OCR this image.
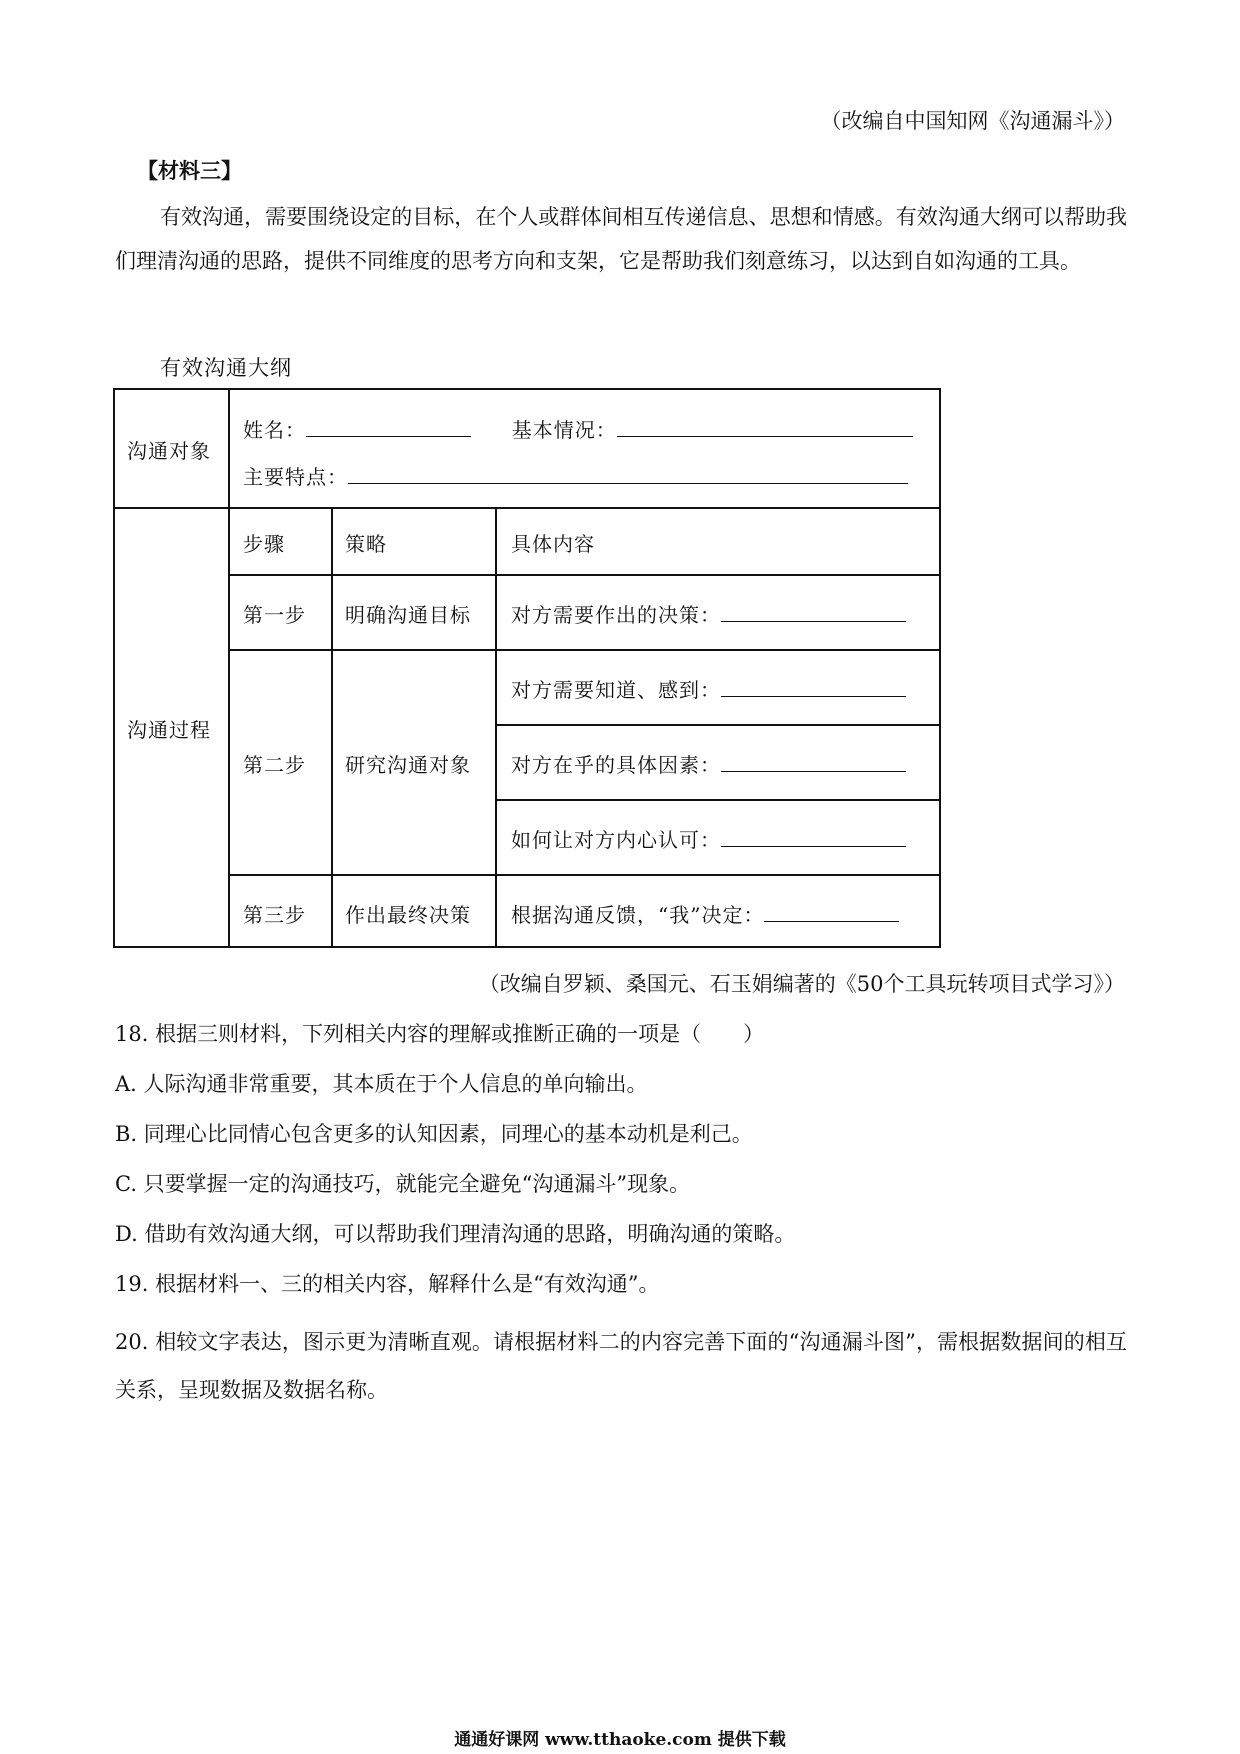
（改编自中国知网《沟通漏斗》）
【材料三】
有效沟通，需要围绕设定的目标，在个人或群体间相互传递信息、思想和情感。有效沟通大纲可以帮助我们理清沟通的思路，提供不同维度的思考方向和支架，它是帮助我们刻意练习，以达到自如沟通的工具。
有效沟通大纲
沟通对象
姓名：	基本情况：
主要特点：
步骤	策略	具体内容
沟通过程
第一步 明确沟通目标 对方需要作出的决策：
第二步 研究沟通对象
对方需要知道、感到：
对方在乎的具体因素：
如何让对方内心认可：
第三步 作出最终决策 根据沟通反馈，“我”决定：
（改编自罗颖、桑国元、石玉娟编著的《50个工具玩转项目式学习》）
18. 根据三则材料，下列相关内容的理解或推断正确的一项是（　　）
A. 人际沟通非常重要，其本质在于个人信息的单向输出。
B. 同理心比同情心包含更多的认知因素，同理心的基本动机是利己。
C. 只要掌握一定的沟通技巧，就能完全避免“沟通漏斗”现象。
D. 借助有效沟通大纲，可以帮助我们理清沟通的思路，明确沟通的策略。
19. 根据材料一、三的相关内容，解释什么是“有效沟通”。
20. 相较文字表达，图示更为清晰直观。请根据材料二的内容完善下面的“沟通漏斗图”，需根据数据间的相互关系，呈现数据及数据名称。
通通好课网 www.tthaoke.com 提供下载
